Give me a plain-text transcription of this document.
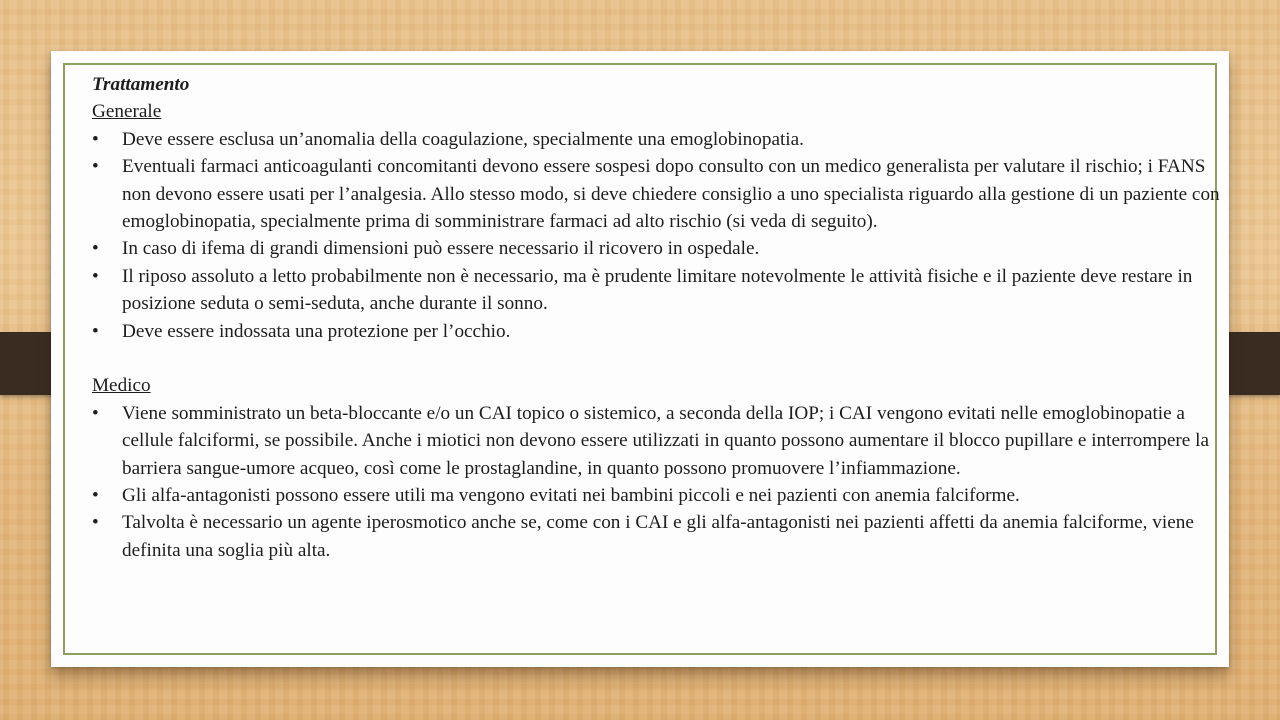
Trattamento

Generale

• Deve essere esclusa un’anomalia della coagulazione, specialmente una emoglobinopatia.
• Eventuali farmaci anticoagulanti concomitanti devono essere sospesi dopo consulto con un medico generalista per valutare il rischio; i FANS non devono essere usati per l’analgesia. Allo stesso modo, si deve chiedere consiglio a uno specialista riguardo alla gestione di un paziente con emoglobinopatia, specialmente prima di somministrare farmaci ad alto rischio (si veda di seguito).
• In caso di ifema di grandi dimensioni può essere necessario il ricovero in ospedale.
• Il riposo assoluto a letto probabilmente non è necessario, ma è prudente limitare notevolmente le attività fisiche e il paziente deve restare in posizione seduta o semi-seduta, anche durante il sonno.
• Deve essere indossata una protezione per l’occhio.

Medico

• Viene somministrato un beta-bloccante e/o un CAI topico o sistemico, a seconda della IOP; i CAI vengono evitati nelle emoglobinopatie a cellule falciformi, se possibile. Anche i miotici non devono essere utilizzati in quanto possono aumentare il blocco pupillare e interrompere la barriera sangue-umore acqueo, così come le prostaglandine, in quanto possono promuovere l’infiammazione.
• Gli alfa-antagonisti possono essere utili ma vengono evitati nei bambini piccoli e nei pazienti con anemia falciforme.
• Talvolta è necessario un agente iperosmotico anche se, come con i CAI e gli alfa-antagonisti nei pazienti affetti da anemia falciforme, viene definita una soglia più alta.
